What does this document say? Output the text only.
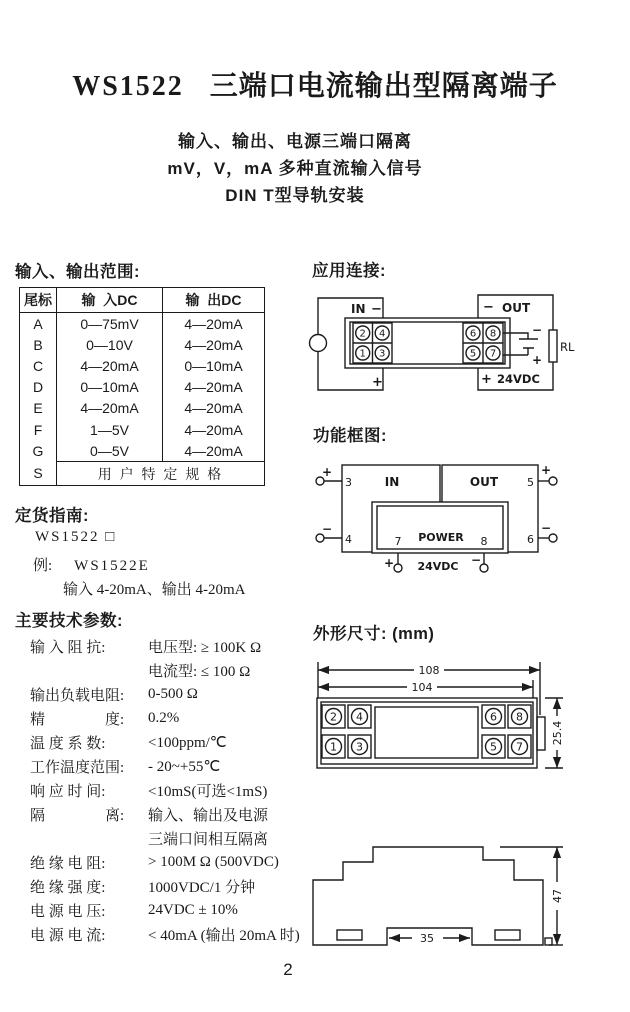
WS1522 三端口电流输出型隔离端子
输入、输出、电源三端口隔离
mV，V，mA 多种直流输入信号
DIN T型导轨安装
输入、输出范围:
尾标	输  入DC	输  出DC
A	0—75mV	4—20mA
B	0—10V	4—20mA
C	4—20mA	0—10mA
D	0—10mA	4—20mA
E	4—20mA	4—20mA
F	1—5V	4—20mA
G	0—5V	4—20mA
S	用 户 特 定 规 格
定货指南:
WS1522 □
例: WS1522E
输入 4-20mA、输出 4-20mA
主要技术参数:
输 入 阻 抗:	电压型: ≥ 100K Ω
电流型: ≤ 100 Ω
输出负载电阻:	0-500 Ω
精　　　　度:	0.2%
温 度 系 数:	<100ppm/℃
工作温度范围:	- 20~+55℃
响 应 时 间:	<10mS(可选<1mS)
隔　　　　离:	输入、输出及电源
三端口间相互隔离
绝 缘 电 阻:	> 100M Ω (500VDC)
绝 缘 强 度:	1000VDC/1 分钟
电 源 电 压:	24VDC ± 10%
电 源 电 流:	< 40mA (输出 20mA 时)
应用连接:
IN −
+
2 4
1 3
6 8
5 7
− OUT
−
+
+ 24VDC
RL
功能框图:
3	IN	OUT	5
4	6
7 POWER 8
24VDC
+
−
+
−
+	−
外形尺寸: (mm)
108
104
25.4
2 4
1 3
6 8
5 7
35
47
2
